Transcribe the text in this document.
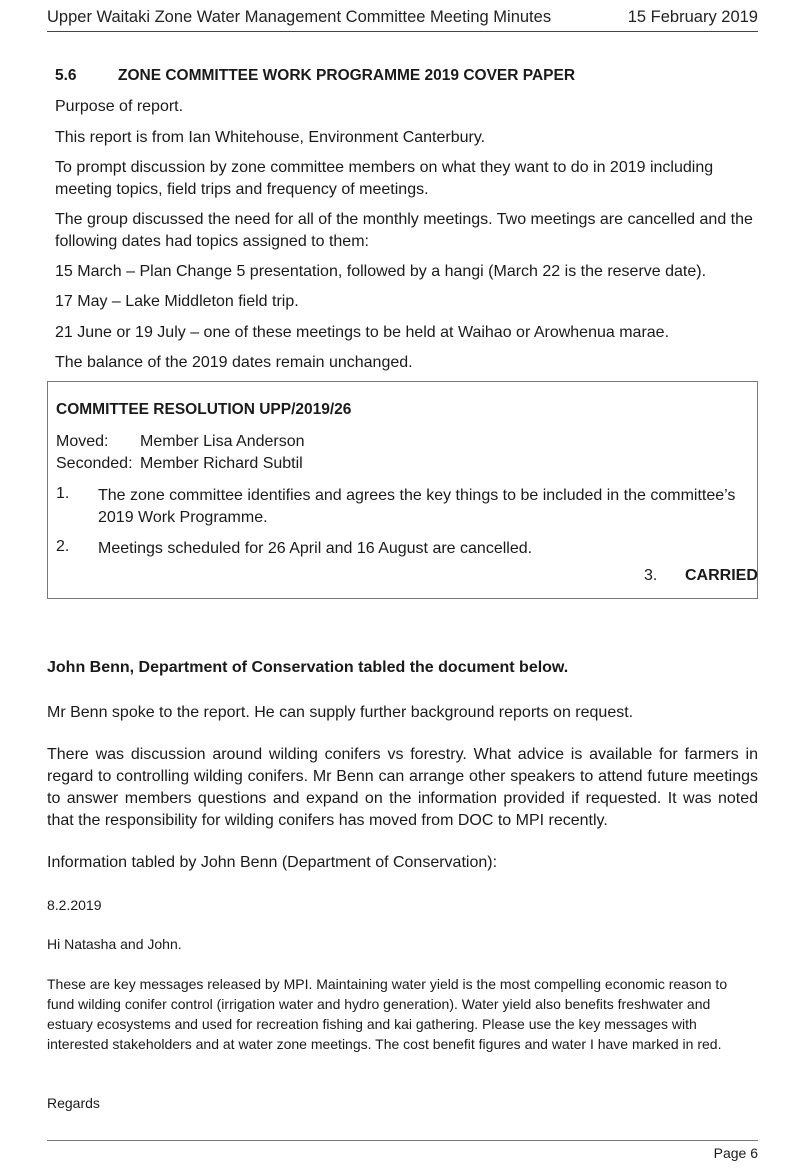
Upper Waitaki Zone Water Management Committee Meeting Minutes	15 February 2019
5.6	ZONE COMMITTEE WORK PROGRAMME 2019 COVER PAPER
Purpose of report.
This report is from Ian Whitehouse, Environment Canterbury.
To prompt discussion by zone committee members on what they want to do in 2019 including meeting topics, field trips and frequency of meetings.
The group discussed the need for all of the monthly meetings. Two meetings are cancelled and the following dates had topics assigned to them:
15 March – Plan Change 5 presentation, followed by a hangi (March 22 is the reserve date).
17 May – Lake Middleton field trip.
21 June or 19 July – one of these meetings to be held at Waihao or Arowhenua marae.
The balance of the 2019 dates remain unchanged.
COMMITTEE RESOLUTION UPP/2019/26
Moved: Member Lisa Anderson
Seconded: Member Richard Subtil
1. The zone committee identifies and agrees the key things to be included in the committee’s 2019 Work Programme.
2. Meetings scheduled for 26 April and 16 August are cancelled.
3. CARRIED
John Benn, Department of Conservation tabled the document below.
Mr Benn spoke to the report. He can supply further background reports on request.
There was discussion around wilding conifers vs forestry. What advice is available for farmers in regard to controlling wilding conifers. Mr Benn can arrange other speakers to attend future meetings to answer members questions and expand on the information provided if requested. It was noted that the responsibility for wilding conifers has moved from DOC to MPI recently.
Information tabled by John Benn (Department of Conservation):
8.2.2019
Hi Natasha and John.
These are key messages released by MPI. Maintaining water yield is the most compelling economic reason to fund wilding conifer control (irrigation water and hydro generation). Water yield also benefits freshwater and estuary ecosystems and used for recreation fishing and kai gathering. Please use the key messages with interested stakeholders and at water zone meetings. The cost benefit figures and water I have marked in red.
Regards
Page 6
